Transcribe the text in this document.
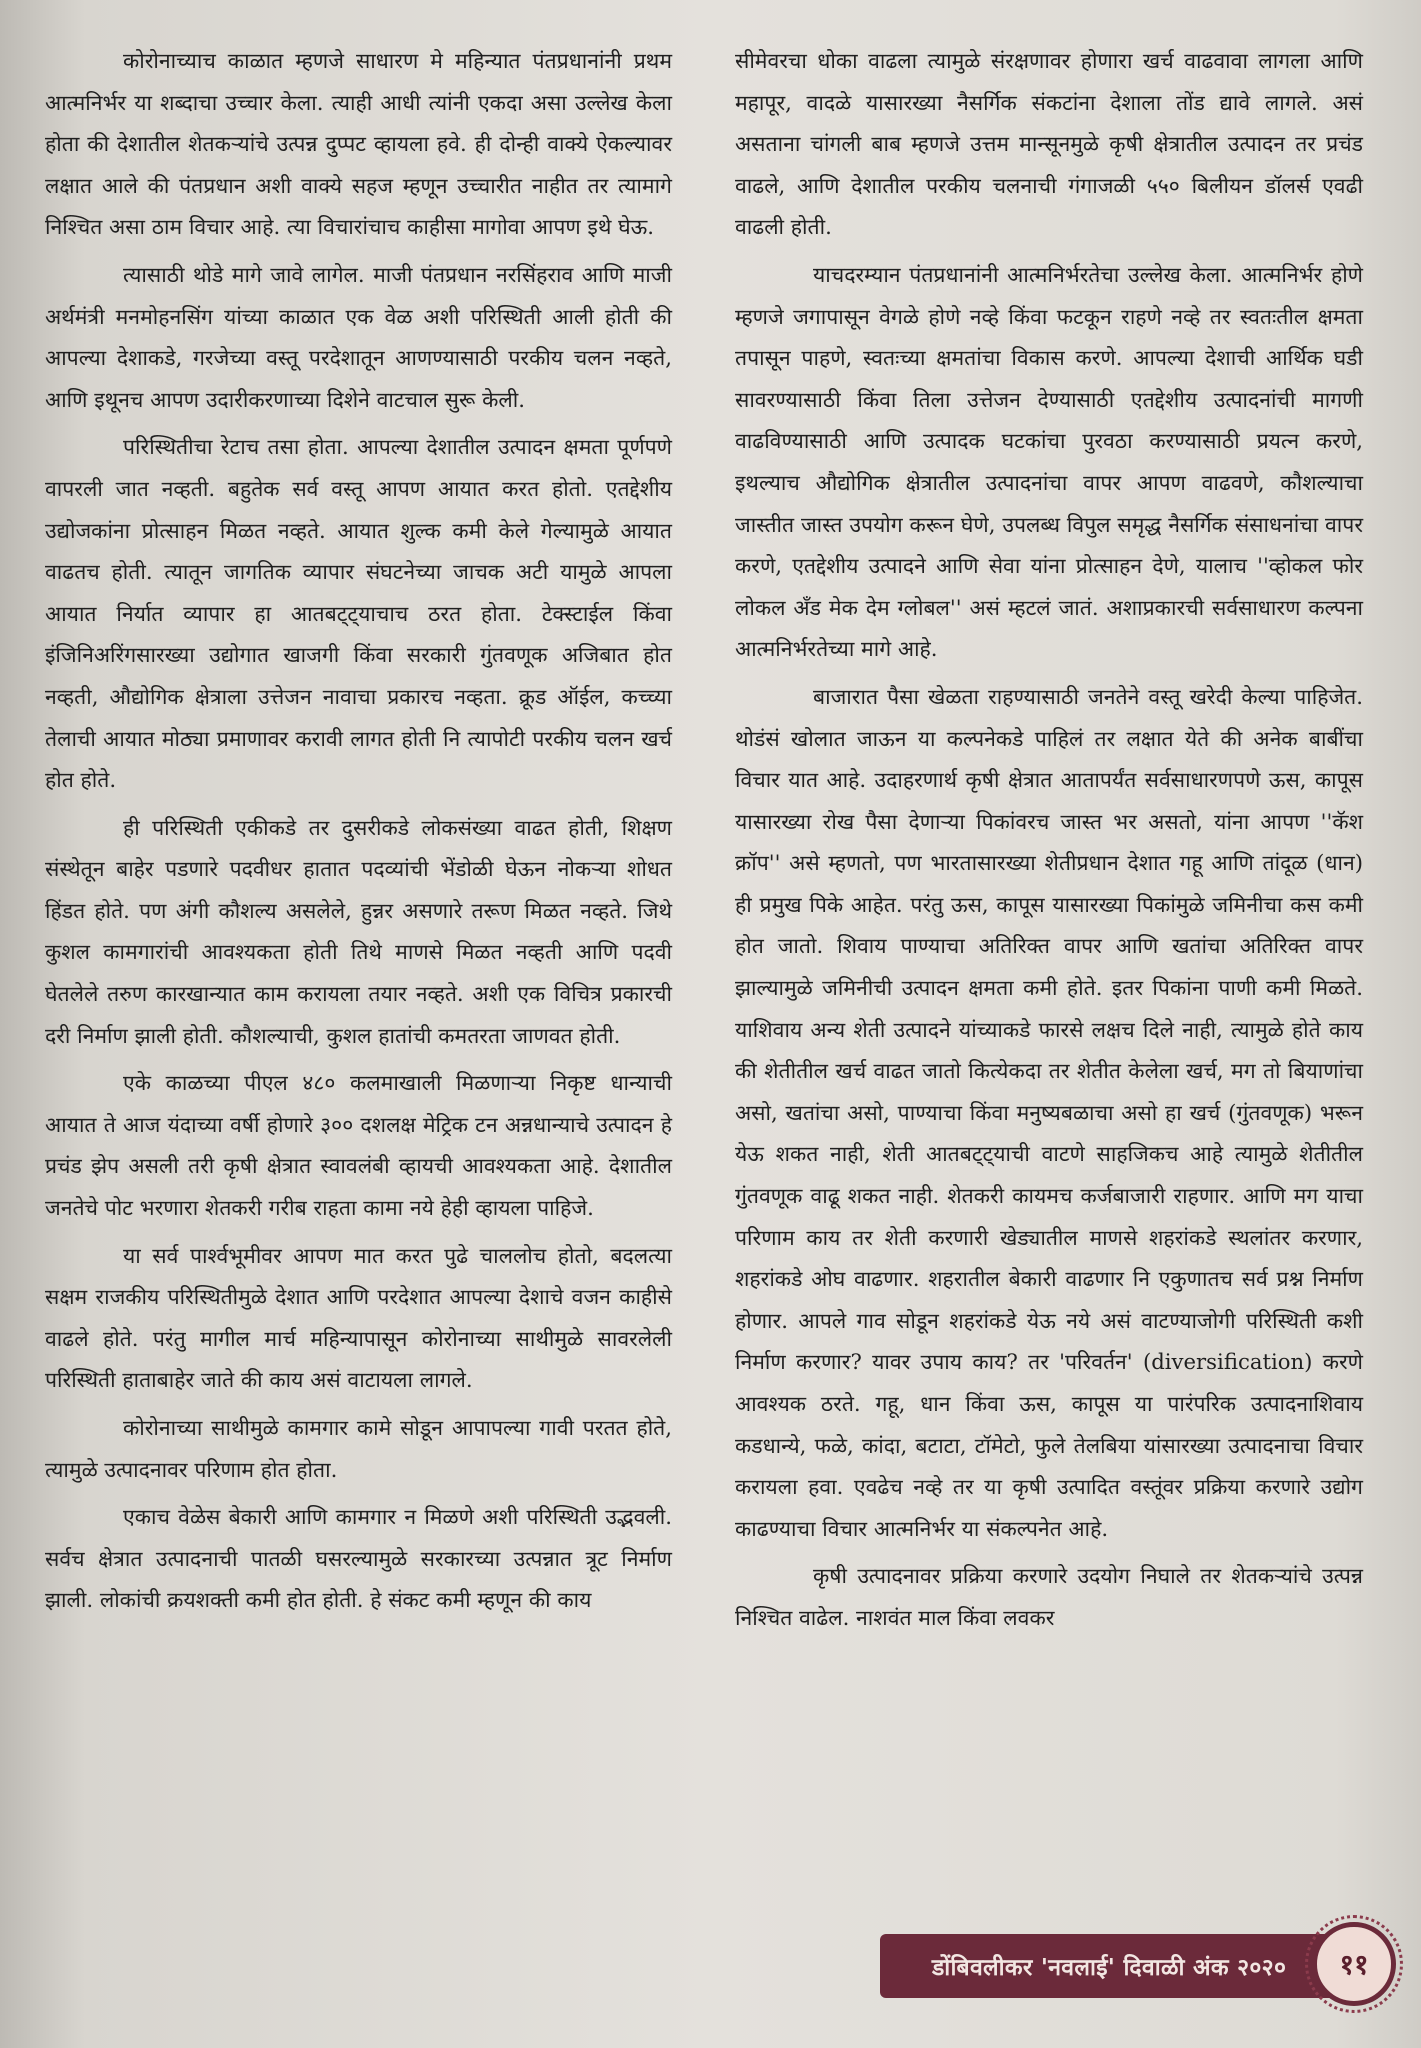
कोरोनाच्याच काळात म्हणजे साधारण मे महिन्यात पंतप्रधानांनी प्रथम आत्मनिर्भर या शब्दाचा उच्चार केला. त्याही आधी त्यांनी एकदा असा उल्लेख केला होता की देशातील शेतकऱ्यांचे उत्पन्न दुप्पट व्हायला हवे. ही दोन्ही वाक्ये ऐकल्यावर लक्षात आले की पंतप्रधान अशी वाक्ये सहज म्हणून उच्चारीत नाहीत तर त्यामागे निश्चित असा ठाम विचार आहे. त्या विचारांचाच काहीसा मागोवा आपण इथे घेऊ.

त्यासाठी थोडे मागे जावे लागेल. माजी पंतप्रधान नरसिंहराव आणि माजी अर्थमंत्री मनमोहनसिंग यांच्या काळात एक वेळ अशी परिस्थिती आली होती की आपल्या देशाकडे, गरजेच्या वस्तू परदेशातून आणण्यासाठी परकीय चलन नव्हते, आणि इथूनच आपण उदारीकरणाच्या दिशेने वाटचाल सुरू केली.

परिस्थितीचा रेटाच तसा होता. आपल्या देशातील उत्पादन क्षमता पूर्णपणे वापरली जात नव्हती. बहुतेक सर्व वस्तू आपण आयात करत होतो. एतद्देशीय उद्योजकांना प्रोत्साहन मिळत नव्हते. आयात शुल्क कमी केले गेल्यामुळे आयात वाढतच होती. त्यातून जागतिक व्यापार संघटनेच्या जाचक अटी यामुळे आपला आयात निर्यात व्यापार हा आतबट्ट्याचाच ठरत होता. टेक्स्टाईल किंवा इंजिनिअरिंगसारख्या उद्योगात खाजगी किंवा सरकारी गुंतवणूक अजिबात होत नव्हती, औद्योगिक क्षेत्राला उत्तेजन नावाचा प्रकारच नव्हता. क्रूड ऑईल, कच्च्या तेलाची आयात मोठ्या प्रमाणावर करावी लागत होती नि त्यापोटी परकीय चलन खर्च होत होते.

ही परिस्थिती एकीकडे तर दुसरीकडे लोकसंख्या वाढत होती, शिक्षण संस्थेतून बाहेर पडणारे पदवीधर हातात पदव्यांची भेंडोळी घेऊन नोकऱ्या शोधत हिंडत होते. पण अंगी कौशल्य असलेले, हुन्नर असणारे तरूण मिळत नव्हते. जिथे कुशल कामगारांची आवश्यकता होती तिथे माणसे मिळत नव्हती आणि पदवी घेतलेले तरुण कारखान्यात काम करायला तयार नव्हते. अशी एक विचित्र प्रकारची दरी निर्माण झाली होती. कौशल्याची, कुशल हातांची कमतरता जाणवत होती.

एके काळच्या पीएल ४८० कलमाखाली मिळणाऱ्या निकृष्ट धान्याची आयात ते आज यंदाच्या वर्षी होणारे ३०० दशलक्ष मेट्रिक टन अन्नधान्याचे उत्पादन हे प्रचंड झेप असली तरी कृषी क्षेत्रात स्वावलंबी व्हायची आवश्यकता आहे. देशातील जनतेचे पोट भरणारा शेतकरी गरीब राहता कामा नये हेही व्हायला पाहिजे.

या सर्व पार्श्वभूमीवर आपण मात करत पुढे चाललोच होतो, बदलत्या सक्षम राजकीय परिस्थितीमुळे देशात आणि परदेशात आपल्या देशाचे वजन काहीसे वाढले होते. परंतु मागील मार्च महिन्यापासून कोरोनाच्या साथीमुळे सावरलेली परिस्थिती हाताबाहेर जाते की काय असं वाटायला लागले.

कोरोनाच्या साथीमुळे कामगार कामे सोडून आपापल्या गावी परतत होते, त्यामुळे उत्पादनावर परिणाम होत होता.

एकाच वेळेस बेकारी आणि कामगार न मिळणे अशी परिस्थिती उद्भवली. सर्वच क्षेत्रात उत्पादनाची पातळी घसरल्यामुळे सरकारच्या उत्पन्नात त्रूट निर्माण झाली. लोकांची क्रयशक्ती कमी होत होती. हे संकट कमी म्हणून की काय

सीमेवरचा धोका वाढला त्यामुळे संरक्षणावर होणारा खर्च वाढवावा लागला आणि महापूर, वादळे यासारख्या नैसर्गिक संकटांना देशाला तोंड द्यावे लागले. असं असताना चांगली बाब म्हणजे उत्तम मान्सूनमुळे कृषी क्षेत्रातील उत्पादन तर प्रचंड वाढले, आणि देशातील परकीय चलनाची गंगाजळी ५५० बिलीयन डॉलर्स एवढी वाढली होती.

याचदरम्यान पंतप्रधानांनी आत्मनिर्भरतेचा उल्लेख केला. आत्मनिर्भर होणे म्हणजे जगापासून वेगळे होणे नव्हे किंवा फटकून राहणे नव्हे तर स्वतःतील क्षमता तपासून पाहणे, स्वतःच्या क्षमतांचा विकास करणे. आपल्या देशाची आर्थिक घडी सावरण्यासाठी किंवा तिला उत्तेजन देण्यासाठी एतद्देशीय उत्पादनांची मागणी वाढविण्यासाठी आणि उत्पादक घटकांचा पुरवठा करण्यासाठी प्रयत्न करणे, इथल्याच औद्योगिक क्षेत्रातील उत्पादनांचा वापर आपण वाढवणे, कौशल्याचा जास्तीत जास्त उपयोग करून घेणे, उपलब्ध विपुल समृद्ध नैसर्गिक संसाधनांचा वापर करणे, एतद्देशीय उत्पादने आणि सेवा यांना प्रोत्साहन देणे, यालाच ''व्होकल फोर लोकल अँड मेक देम ग्लोबल'' असं म्हटलं जातं. अशाप्रकारची सर्वसाधारण कल्पना आत्मनिर्भरतेच्या मागे आहे.

बाजारात पैसा खेळता राहण्यासाठी जनतेने वस्तू खरेदी केल्या पाहिजेत. थोडंसं खोलात जाऊन या कल्पनेकडे पाहिलं तर लक्षात येते की अनेक बाबींचा विचार यात आहे. उदाहरणार्थ कृषी क्षेत्रात आतापर्यंत सर्वसाधारणपणे ऊस, कापूस यासारख्या रोख पैसा देणाऱ्या पिकांवरच जास्त भर असतो, यांना आपण ''कॅश क्रॉप'' असे म्हणतो, पण भारतासारख्या शेतीप्रधान देशात गहू आणि तांदूळ (धान) ही प्रमुख पिके आहेत. परंतु ऊस, कापूस यासारख्या पिकांमुळे जमिनीचा कस कमी होत जातो. शिवाय पाण्याचा अतिरिक्त वापर आणि खतांचा अतिरिक्त वापर झाल्यामुळे जमिनीची उत्पादन क्षमता कमी होते. इतर पिकांना पाणी कमी मिळते. याशिवाय अन्य शेती उत्पादने यांच्याकडे फारसे लक्षच दिले नाही, त्यामुळे होते काय की शेतीतील खर्च वाढत जातो कित्येकदा तर शेतीत केलेला खर्च, मग तो बियाणांचा असो, खतांचा असो, पाण्याचा किंवा मनुष्यबळाचा असो हा खर्च (गुंतवणूक) भरून येऊ शकत नाही, शेती आतबट्ट्याची वाटणे साहजिकच आहे त्यामुळे शेतीतील गुंतवणूक वाढू शकत नाही. शेतकरी कायमच कर्जबाजारी राहणार. आणि मग याचा परिणाम काय तर शेती करणारी खेड्यातील माणसे शहरांकडे स्थलांतर करणार, शहरांकडे ओघ वाढणार. शहरातील बेकारी वाढणार नि एकुणातच सर्व प्रश्न निर्माण होणार. आपले गाव सोडून शहरांकडे येऊ नये असं वाटण्याजोगी परिस्थिती कशी निर्माण करणार? यावर उपाय काय? तर 'परिवर्तन' (diversification) करणे आवश्यक ठरते. गहू, धान किंवा ऊस, कापूस या पारंपरिक उत्पादनाशिवाय कडधान्ये, फळे, कांदा, बटाटा, टॉमेटो, फुले तेलबिया यांसारख्या उत्पादनाचा विचार करायला हवा. एवढेच नव्हे तर या कृषी उत्पादित वस्तूंवर प्रक्रिया करणारे उद्योग काढण्याचा विचार आत्मनिर्भर या संकल्पनेत आहे.

कृषी उत्पादनावर प्रक्रिया करणारे उदयोग निघाले तर शेतकऱ्यांचे उत्पन्न निश्चित वाढेल. नाशवंत माल किंवा लवकर

डोंबिवलीकर 'नवलाई' दिवाळी अंक २०२० ११
